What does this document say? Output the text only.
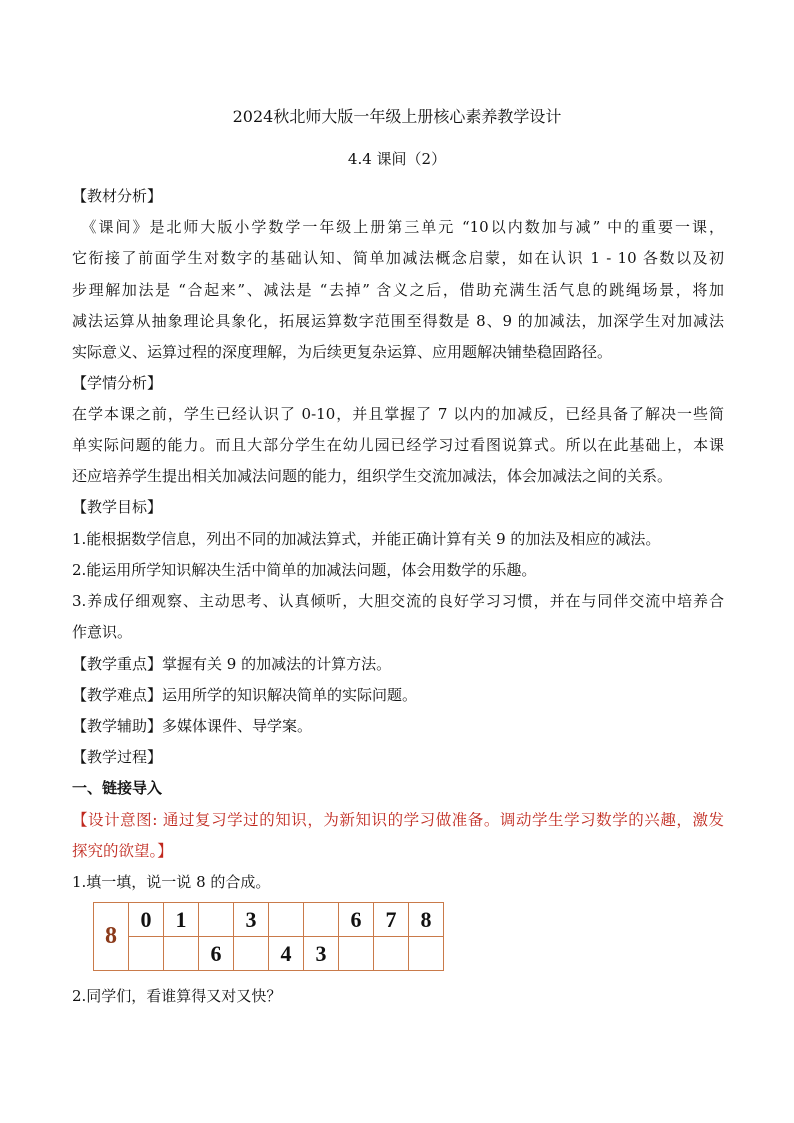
2024秋北师大版一年级上册核心素养教学设计
4.4 课间（2）
【教材分析】
　《课间》是北师大版小学数学一年级上册第三单元 “10以内数加与减” 中的重要一课，
它衔接了前面学生对数字的基础认知、简单加减法概念启蒙，如在认识 1 - 10 各数以及初
步理解加法是 “合起来”、减法是 “去掉” 含义之后，借助充满生活气息的跳绳场景，将加
减法运算从抽象理论具象化，拓展运算数字范围至得数是 8、9 的加减法，加深学生对加减法
实际意义、运算过程的深度理解，为后续更复杂运算、应用题解决铺垫稳固路径。
【学情分析】
在学本课之前，学生已经认识了 0-10，并且掌握了 7 以内的加减反，已经具备了解决一些简
单实际问题的能力。而且大部分学生在幼儿园已经学习过看图说算式。所以在此基础上，本课
还应培养学生提出相关加减法问题的能力，组织学生交流加减法，体会加减法之间的关系。
【教学目标】
1.能根据数学信息，列出不同的加减法算式，并能正确计算有关 9 的加法及相应的减法。
2.能运用所学知识解决生活中简单的加减法问题，体会用数学的乐趣。
3.养成仔细观察、主动思考、认真倾听，大胆交流的良好学习习惯，并在与同伴交流中培养合
作意识。
【教学重点】掌握有关 9 的加减法的计算方法。
【教学难点】运用所学的知识解决简单的实际问题。
【教学辅助】多媒体课件、导学案。
【教学过程】
一、链接导入
【设计意图: 通过复习学过的知识，为新知识的学习做准备。调动学生学习数学的兴趣，激发
探究的欲望。】
1.填一填，说一说 8 的合成。
8	0	1		3			6	7	8
			6		4	3			
2.同学们，看谁算得又对又快？
